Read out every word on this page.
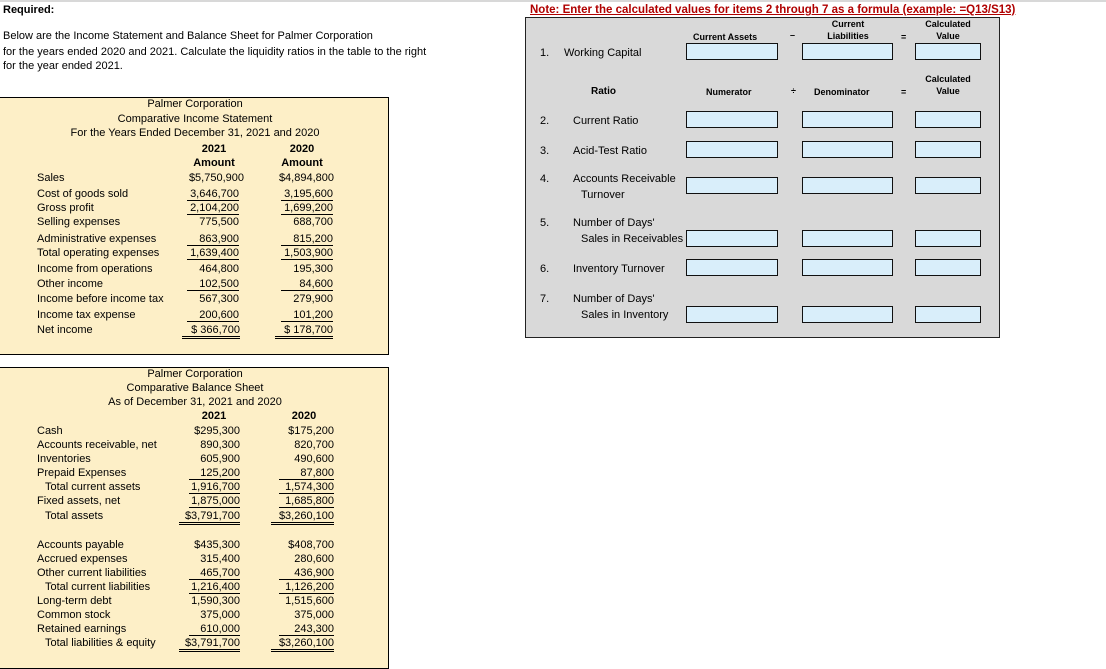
Required:
Below are the Income Statement and Balance Sheet for Palmer Corporation
for the years ended 2020 and 2021. Calculate the liquidity ratios in the table to the right
for the year ended 2021.
Note: Enter the calculated values for items 2 through 7 as a formula (example: =Q13/S13)
Palmer Corporation
Comparative Income Statement
For the Years Ended December 31, 2021 and 2020
2021	2020
Amount	Amount
Sales	$5,750,900	$4,894,800
Cost of goods sold	3,646,700	3,195,600
Gross profit	2,104,200	1,699,200
Selling expenses	775,500	688,700
Administrative expenses	863,900	815,200
Total operating expenses	1,639,400	1,503,900
Income from operations	464,800	195,300
Other income	102,500	84,600
Income before income tax	567,300	279,900
Income tax expense	200,600	101,200
Net income	$ 366,700	$ 178,700
Palmer Corporation
Comparative Balance Sheet
As of December 31, 2021 and 2020
2021	2020
Cash	$295,300	$175,200
Accounts receivable, net	890,300	820,700
Inventories	605,900	490,600
Prepaid Expenses	125,200	87,800
Total current assets	1,916,700	1,574,300
Fixed assets, net	1,875,000	1,685,800
Total assets	$3,791,700	$3,260,100
Accounts payable	$435,300	$408,700
Accrued expenses	315,400	280,600
Other current liabilities	465,700	436,900
Total current liabilities	1,216,400	1,126,200
Long-term debt	1,590,300	1,515,600
Common stock	375,000	375,000
Retained earnings	610,000	243,300
Total liabilities & equity	$3,791,700	$3,260,100
Current Assets	–
Current
Liabilities	=
Calculated
Value
1. Working Capital
Ratio	Numerator	÷ Denominator	=
Calculated
Value
2. Current Ratio
3. Acid-Test Ratio
4. Accounts Receivable
Turnover
5. Number of Days'
Sales in Receivables
6. Inventory Turnover
7. Number of Days'
Sales in Inventory
